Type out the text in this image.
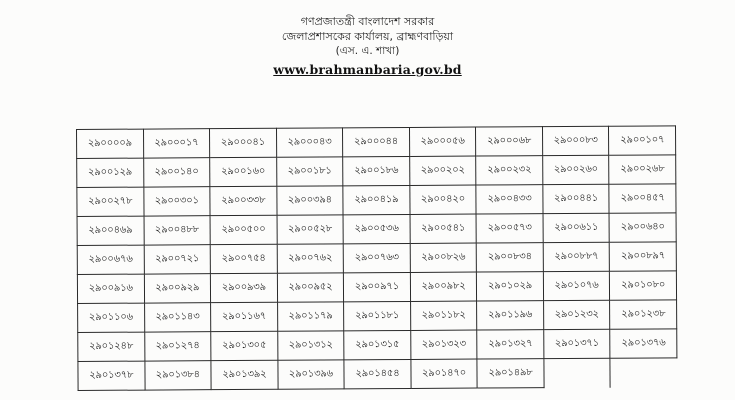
গণপ্রজাতন্ত্রী বাংলাদেশ সরকার
জেলাপ্রশাসকের কার্যালয়, ব্রাহ্মণবাড়িয়া
(এস. এ. শাখা)
www.brahmanbaria.gov.bd
২৯০০০০৯	২৯০০০১৭	২৯০০০৪১	২৯০০০৪৩	২৯০০০৪৪	২৯০০০৫৬	২৯০০০৬৮	২৯০০০৮৩	২৯০০১০৭
২৯০০১২৯	২৯০০১৪০	২৯০০১৬০	২৯০০১৮১	২৯০০১৮৬	২৯০০২০২	২৯০০২৩২	২৯০০২৬০	২৯০০২৬৮
২৯০০২৭৮	২৯০০৩০১	২৯০০৩৩৮	২৯০০৩৯৪	২৯০০৪১৯	২৯০০৪২০	২৯০০৪৩৩	২৯০০৪৪১	২৯০০৪৫৭
২৯০০৪৬৯	২৯০০৪৮৮	২৯০০৫০০	২৯০০৫২৮	২৯০০৫৩৬	২৯০০৫৪১	২৯০০৫৭৩	২৯০০৬১১	২৯০০৬৪০
২৯০০৬৭৬	২৯০০৭২১	২৯০০৭৫৪	২৯০০৭৬২	২৯০০৭৬৩	২৯০০৮২৬	২৯০০৮৩৪	২৯০০৮৮৭	২৯০০৮৯৭
২৯০০৯১৬	২৯০০৯২৯	২৯০০৯৩৯	২৯০০৯৫২	২৯০০৯৭১	২৯০০৯৮২	২৯০১০২৯	২৯০১০৭৬	২৯০১০৮০
২৯০১১০৬	২৯০১১৪৩	২৯০১১৬৭	২৯০১১৭৯	২৯০১১৮১	২৯০১১৮২	২৯০১১৯৬	২৯০১২৩২	২৯০১২৩৮
২৯০১২৪৮	২৯০১২৭৪	২৯০১৩০৫	২৯০১৩১২	২৯০১৩১৫	২৯০১৩২৩	২৯০১৩২৭	২৯০১৩৭১	২৯০১৩৭৬
২৯০১৩৭৮	২৯০১৩৮৪	২৯০১৩৯২	২৯০১৩৯৬	২৯০১৪৫৪	২৯০১৪৭০	২৯০১৪৯৮		
